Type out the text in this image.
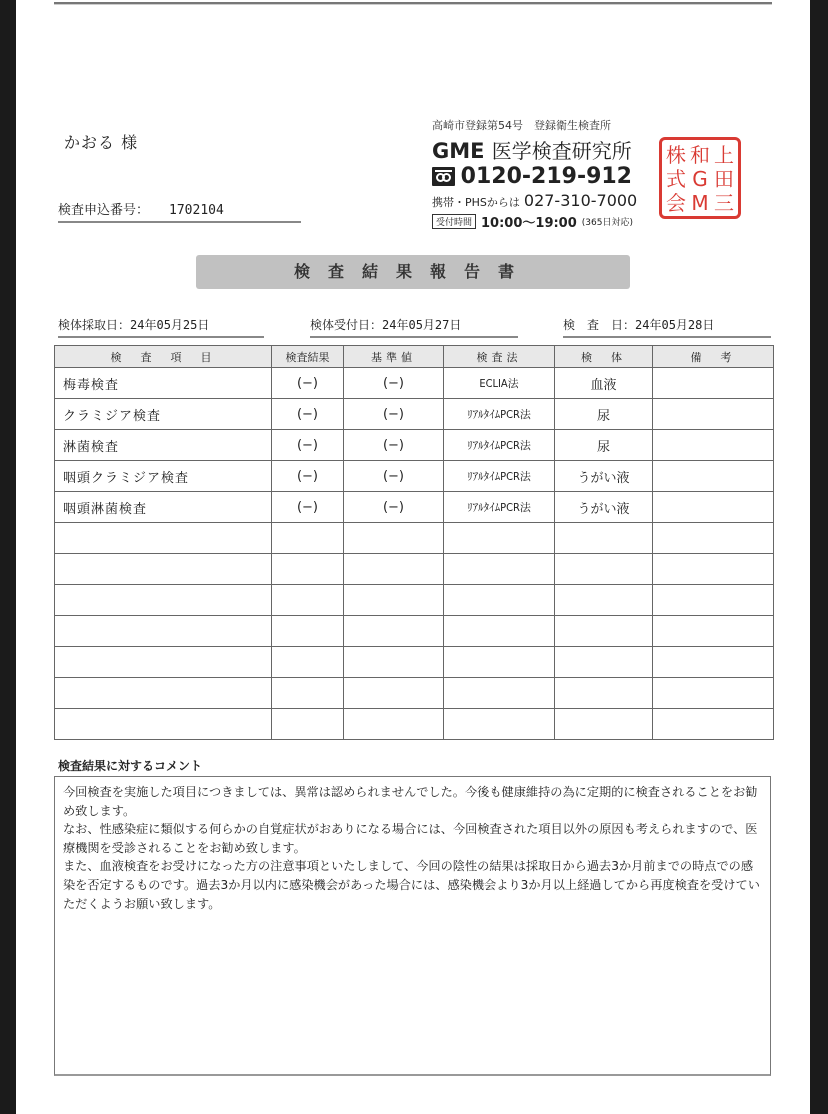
かおる 様
検査申込番号： 1702104
高崎市登録第54号　登録衛生検査所
GME 医学検査研究所
0120-219-912
携帯・PHSからは 027-310-7000
受付時間 10:00〜19:00 (365日対応)
株 和 上
式 G 田
会 M 三
検査結果報告書
検体採取日：24年05月25日	検体受付日：24年05月27日	検　査　日：24年05月28日
検　査　項　目	検査結果	基準値	検査法	検　体	備　考
梅毒検査	(−)	(−)	ECLIA法	血液	
クラミジア検査	(−)	(−)	ﾘｱﾙﾀｲﾑPCR法	尿	
淋菌検査	(−)	(−)	ﾘｱﾙﾀｲﾑPCR法	尿	
咽頭クラミジア検査	(−)	(−)	ﾘｱﾙﾀｲﾑPCR法	うがい液	
咽頭淋菌検査	(−)	(−)	ﾘｱﾙﾀｲﾑPCR法	うがい液	

検査結果に対するコメント

今回検査を実施した項目につきましては、異常は認められませんでした。今後も健康維持の為に定期的に検査されることをお勧め致します。

なお、性感染症に類似する何らかの自覚症状がおありになる場合には、今回検査された項目以外の原因も考えられますので、医療機関を受診されることをお勧め致します。

また、血液検査をお受けになった方の注意事項といたしまして、今回の陰性の結果は採取日から過去3か月前までの時点での感染を否定するものです。過去3か月以内に感染機会があった場合には、感染機会より3か月以上経過してから再度検査を受けていただくようお願い致します。
